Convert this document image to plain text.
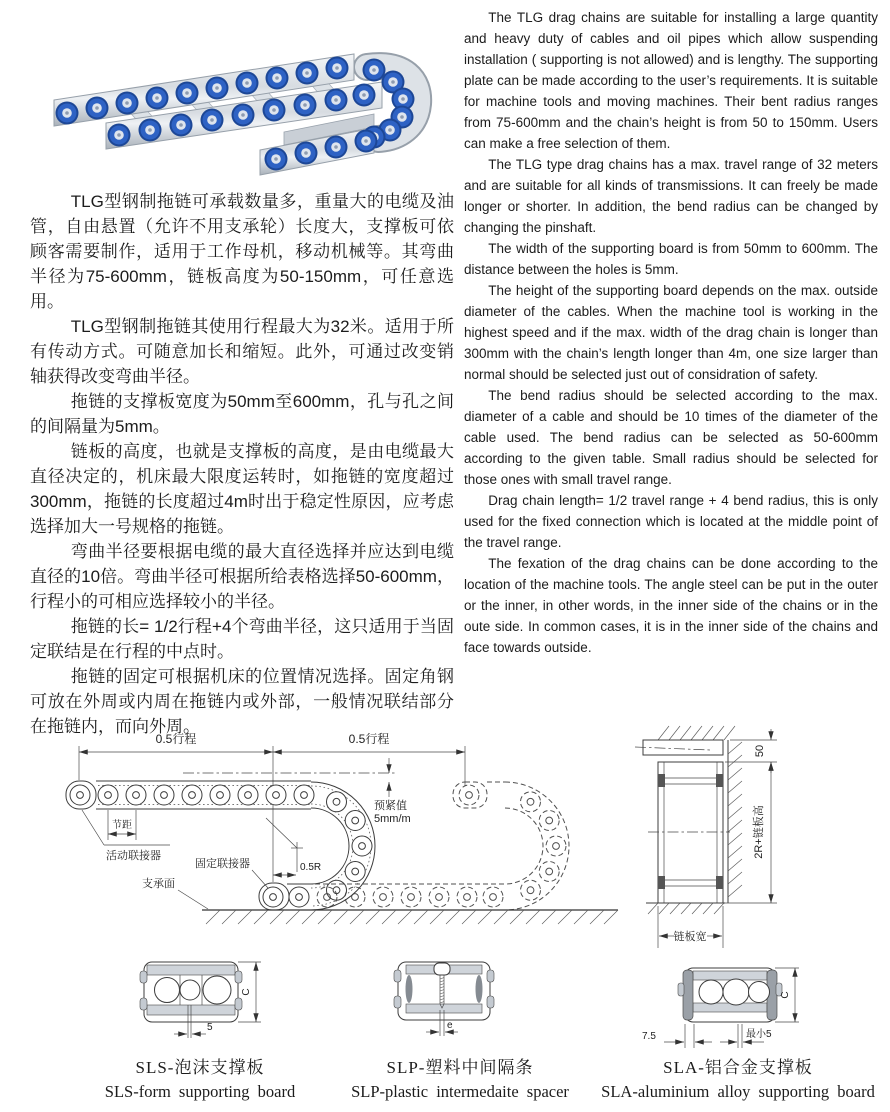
TLG型钢制拖链可承载数量多，重量大的电缆及油管，自由悬置（允许不用支承轮）长度大，支撑板可依顾客需要制作，适用于工作母机，移动机械等。其弯曲半径为75-600mm，链板高度为50-150mm，可任意选用。

TLG型钢制拖链其使用行程最大为32米。适用于所有传动方式。可随意加长和缩短。此外，可通过改变销轴获得改变弯曲半径。

拖链的支撑板宽度为50mm至600mm，孔与孔之间的间隔量为5mm。

链板的高度，也就是支撑板的高度，是由电缆最大直径决定的，机床最大限度运转时，如拖链的宽度超过300mm，拖链的长度超过4m时出于稳定性原因，应考虑选择加大一号规格的拖链。

弯曲半径要根据电缆的最大直径选择并应达到电缆直径的10倍。弯曲半径可根据所给表格选择50-600mm，行程小的可相应选择较小的半径。

拖链的长= 1/2行程+4个弯曲半径，这只适用于当固定联结是在行程的中点时。

拖链的固定可根据机床的位置情况选择。固定角钢可放在外周或内周在拖链内或外部，一般情况联结部分在拖链内，而向外周。

The TLG drag chains are suitable for installing a large quantity and heavy duty of cables and oil pipes which allow suspending installation ( supporting is not allowed) and is lengthy. The supporting plate can be made according to the user’s requirements. It is suitable for machine tools and moving machines. Their bent radius ranges from 75-600mm and the chain’s height is from 50 to 150mm. Users can make a free selection of them.

The TLG type drag chains has a max. travel range of 32 meters and are suitable for all kinds of transmissions. It can freely be made longer or shorter. In addition, the bend radius can be changed by changing the pinshaft.

The width of the supporting board is from 50mm to 600mm. The distance between the holes is 5mm.

The height of the supporting board depends on the max. outside diameter of the cables. When the machine tool is working in the highest speed and if the max. width of the drag chain is longer than 300mm with the chain’s length longer than 4m, one size larger than normal should be selected just out of considration of safety.

The bend radius should be selected according to the max. diameter of a cable and should be 10 times of the diameter of the cable used. The bend radius can be selected as 50-600mm according to the given table. Small radius should be selected for those ones with small travel range.

Drag chain length= 1/2 travel range + 4 bend radius, this is only used for the fixed connection which is located at the middle point of the travel range.

The fexation of the drag chains can be done according to the location of the machine tools. The angle steel can be put in the outer or the inner, in other words, in the inner side of the chains or in the oute side. In common cases, it is in the inner side of the chains and face towards outside.

0.5行程	0.5行程
预紧值
5mm/m
0.5R
节距
活动联接器
固定联接器
支承面
50
2R+链板高
链板宽
5
C
e
C
7.5	最小5
SLS-泡沫支撑板
SLS-form supporting board
SLP-塑料中间隔条
SLP-plastic intermedaite spacer
SLA-铝合金支撑板
SLA-aluminium alloy supporting board
